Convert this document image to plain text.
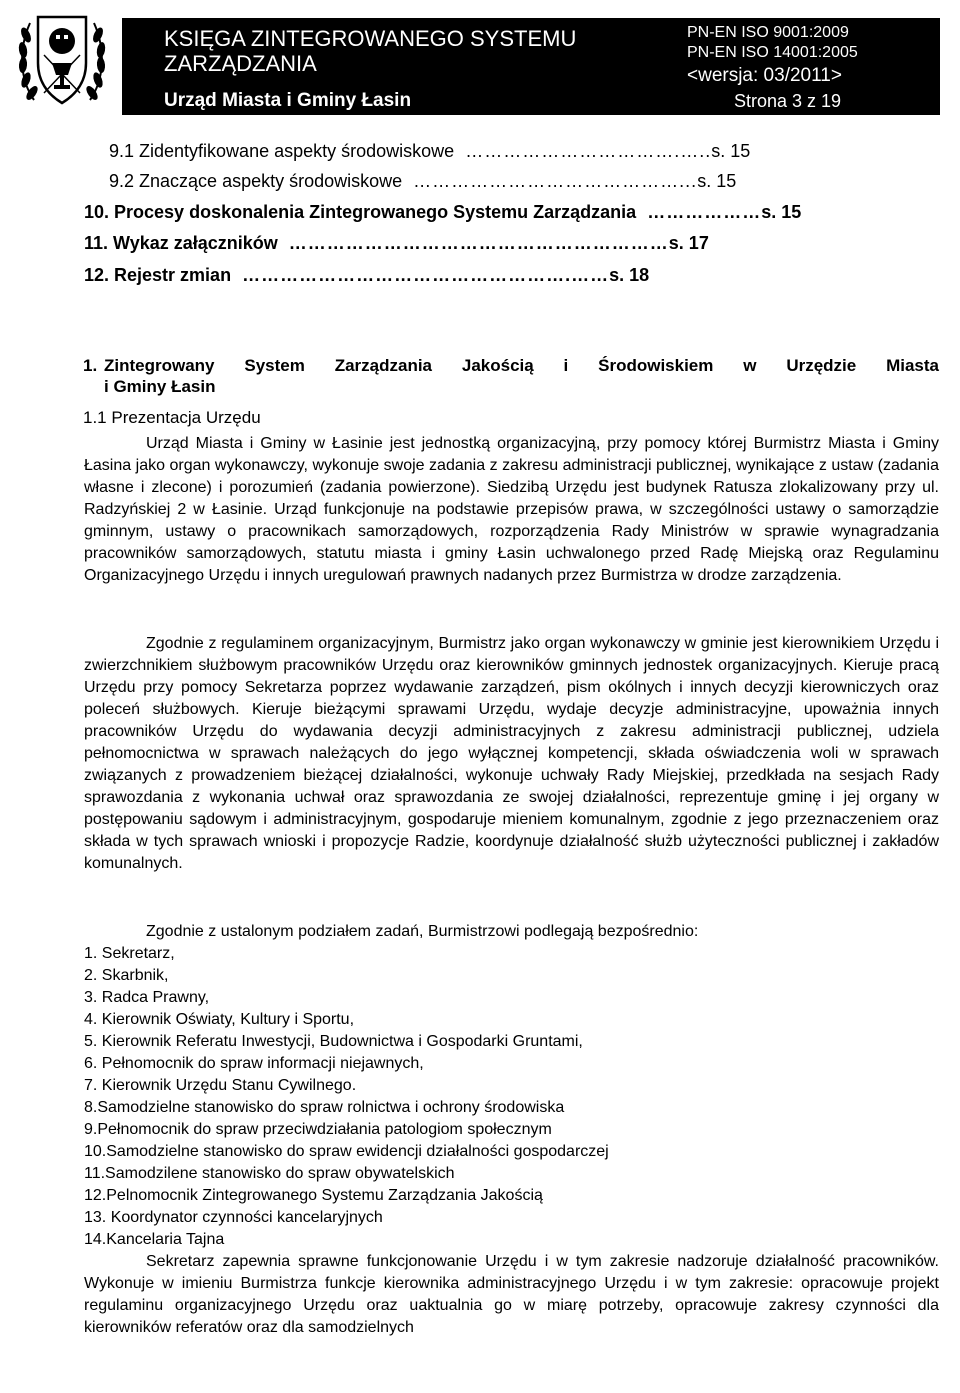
KSIĘGA ZINTEGROWANEGO SYSTEMU ZARZĄDZANIA
PN-EN ISO 9001:2009
PN-EN ISO 14001:2005
<wersja: 03/2011>
Urząd Miasta i Gminy Łasin	Strona 3 z 19
9.1 Zidentyfikowane aspekty środowiskowe  …………………………….…..s. 15
9.2 Znaczące aspekty środowiskowe  ……………………………………...s. 15
10. Procesy doskonalenia Zintegrowanego Systemu Zarządzania  ………………s. 15
11. Wykaz załączników  ……………………………………………………s. 17
12. Rejestr zmian  …………………………………………….……s. 18
1. Zintegrowany System Zarządzania Jakością i Środowiskiem w Urzędzie Miasta
i Gminy Łasin
1.1 Prezentacja Urzędu

Urząd Miasta i Gminy w Łasinie jest jednostką organizacyjną, przy pomocy której Burmistrz Miasta i Gminy Łasina jako organ wykonawczy, wykonuje swoje zadania z zakresu administracji publicznej, wynikające z ustaw (zadania własne i zlecone) i porozumień (zadania powierzone). Siedzibą Urzędu jest budynek Ratusza zlokalizowany przy ul. Radzyńskiej 2 w Łasinie. Urząd funkcjonuje na podstawie przepisów prawa, w szczególności ustawy o samorządzie gminnym, ustawy o pracownikach samorządowych, rozporządzenia Rady Ministrów w sprawie wynagradzania pracowników samorządowych, statutu miasta i gminy Łasin uchwalonego przed Radę Miejską oraz Regulaminu Organizacyjnego Urzędu i innych uregulowań prawnych nadanych przez Burmistrza w drodze zarządzenia.

Zgodnie z regulaminem organizacyjnym, Burmistrz jako organ wykonawczy w gminie jest kierownikiem Urzędu i zwierzchnikiem służbowym pracowników Urzędu oraz kierowników gminnych jednostek organizacyjnych. Kieruje pracą Urzędu przy pomocy Sekretarza poprzez wydawanie zarządzeń, pism okólnych i innych decyzji kierowniczych oraz poleceń służbowych. Kieruje bieżącymi sprawami Urzędu, wydaje decyzje administracyjne, upoważnia innych pracowników Urzędu do wydawania decyzji administracyjnych z zakresu administracji publicznej, udziela pełnomocnictwa w sprawach należących do jego wyłącznej kompetencji, składa oświadczenia woli w sprawach związanych z prowadzeniem bieżącej działalności, wykonuje uchwały Rady Miejskiej, przedkłada na sesjach Rady sprawozdania z wykonania uchwał oraz sprawozdania ze swojej działalności, reprezentuje gminę i jej organy w postępowaniu sądowym i administracyjnym, gospodaruje mieniem komunalnym, zgodnie z jego przeznaczeniem oraz składa w tych sprawach wnioski i propozycje Radzie, koordynuje działalność służb użyteczności publicznej i zakładów komunalnych.

Zgodnie z ustalonym podziałem zadań, Burmistrzowi podlegają bezpośrednio:

1. Sekretarz,
2. Skarbnik,
3. Radca Prawny,
4. Kierownik Oświaty, Kultury i Sportu,
5. Kierownik Referatu Inwestycji, Budownictwa i Gospodarki Gruntami,
6. Pełnomocnik do spraw informacji niejawnych,
7. Kierownik Urzędu Stanu Cywilnego.
8.Samodzielne stanowisko do spraw rolnictwa i ochrony środowiska
9.Pełnomocnik do spraw przeciwdziałania patologiom społecznym
10.Samodzielne stanowisko do spraw ewidencji działalności gospodarczej
11.Samodzilene stanowisko do spraw obywatelskich
12.Pelnomocnik Zintegrowanego Systemu Zarządzania Jakością
13. Koordynator czynności kancelaryjnych
14.Kancelaria Tajna

Sekretarz zapewnia sprawne funkcjonowanie Urzędu i w tym zakresie nadzoruje działalność pracowników. Wykonuje w imieniu Burmistrza funkcje kierownika administracyjnego Urzędu i w tym zakresie: opracowuje projekt regulaminu organizacyjnego Urzędu oraz uaktualnia go w miarę potrzeby, opracowuje zakresy czynności dla kierowników referatów oraz dla samodzielnych
